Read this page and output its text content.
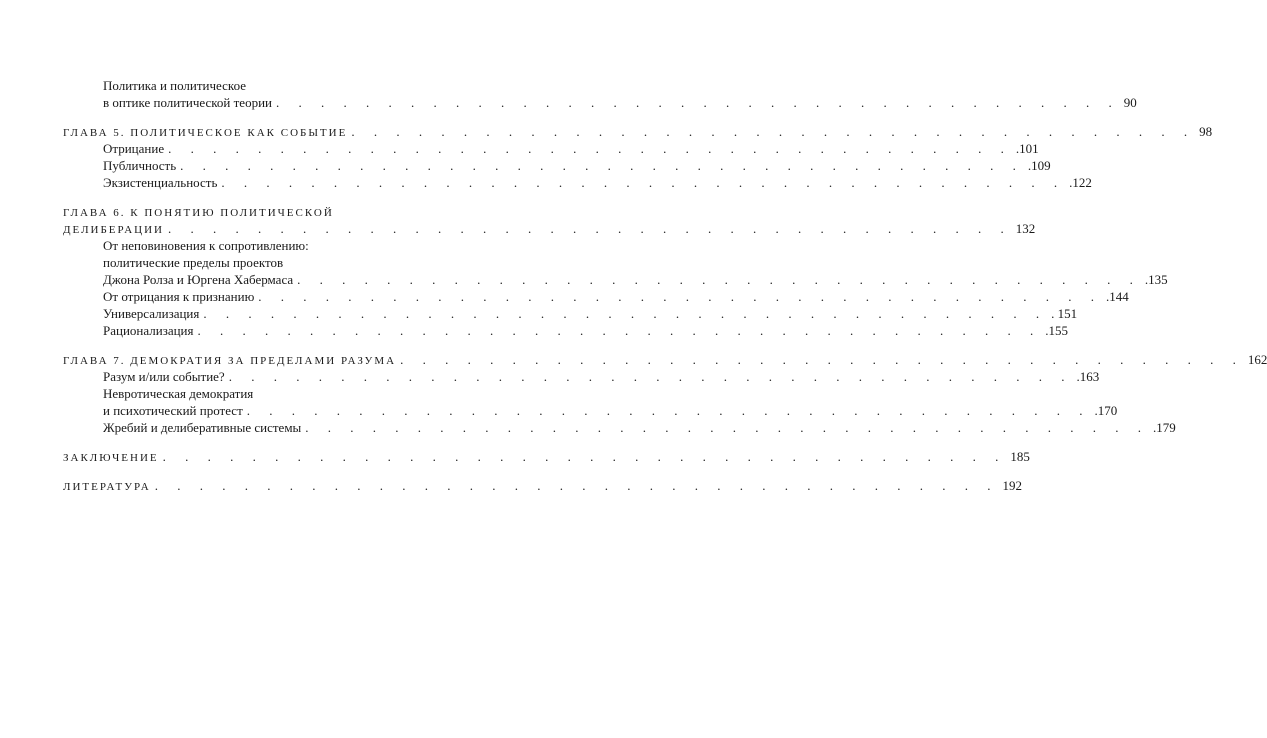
Политика и политическое
в оптике политической теории . . . . . . . . . . . . . . . . . . . . . . . . . . . . . . . . . . . . . . 90
ГЛАВА 5. ПОЛИТИЧЕСКОЕ КАК СОБЫТИЕ . . . . . . . . . . . . . . . . . . . . . . . . . . . . . . . . . . . . . . 98
Отрицание . . . . . . . . . . . . . . . . . . . . . . . . . . . . . . . . . . . . . . .101
Публичность . . . . . . . . . . . . . . . . . . . . . . . . . . . . . . . . . . . . . . .109
Экзистенциальность . . . . . . . . . . . . . . . . . . . . . . . . . . . . . . . . . . . . . . .122
ГЛАВА 6. К ПОНЯТИЮ ПОЛИТИЧЕСКОЙ
ДЕЛИБЕРАЦИИ . . . . . . . . . . . . . . . . . . . . . . . . . . . . . . . . . . . . . . 132
От неповиновения к сопротивлению:
политические пределы проектов
Джона Ролза и Юргена Хабермаса . . . . . . . . . . . . . . . . . . . . . . . . . . . . . . . . . . . . . . .135
От отрицания к признанию . . . . . . . . . . . . . . . . . . . . . . . . . . . . . . . . . . . . . . .144
Универсализация . . . . . . . . . . . . . . . . . . . . . . . . . . . . . . . . . . . . . . . 151
Рационализация . . . . . . . . . . . . . . . . . . . . . . . . . . . . . . . . . . . . . . .155
ГЛАВА 7. ДЕМОКРАТИЯ ЗА ПРЕДЕЛАМИ РАЗУМА . . . . . . . . . . . . . . . . . . . . . . . . . . . . . . . . . . . . . . 162
Разум и/или событие? . . . . . . . . . . . . . . . . . . . . . . . . . . . . . . . . . . . . . . .163
Невротическая демократия
и психотический протест . . . . . . . . . . . . . . . . . . . . . . . . . . . . . . . . . . . . . . .170
Жребий и делиберативные системы . . . . . . . . . . . . . . . . . . . . . . . . . . . . . . . . . . . . . . .179
ЗАКЛЮЧЕНИЕ . . . . . . . . . . . . . . . . . . . . . . . . . . . . . . . . . . . . . . 185
ЛИТЕРАТУРА . . . . . . . . . . . . . . . . . . . . . . . . . . . . . . . . . . . . . . 192
